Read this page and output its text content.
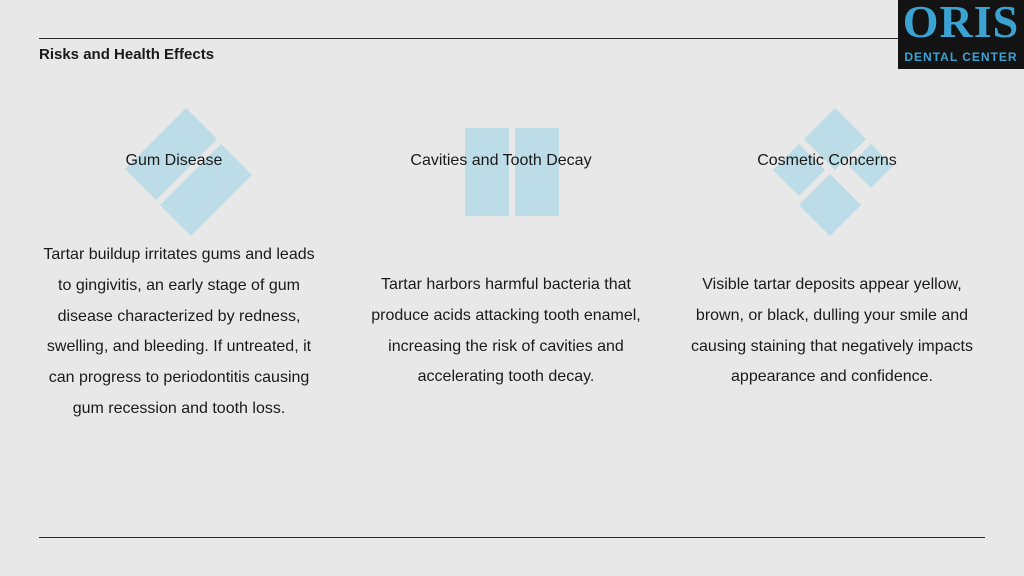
Risks and Health Effects
ORIS
DENTAL CENTER
Gum Disease
Tartar buildup irritates gums and leads to gingivitis, an early stage of gum disease characterized by redness, swelling, and bleeding. If untreated, it can progress to periodontitis causing gum recession and tooth loss.
Cavities and Tooth Decay
Tartar harbors harmful bacteria that produce acids attacking tooth enamel, increasing the risk of cavities and accelerating tooth decay.
Cosmetic Concerns
Visible tartar deposits appear yellow, brown, or black, dulling your smile and causing staining that negatively impacts appearance and confidence.
